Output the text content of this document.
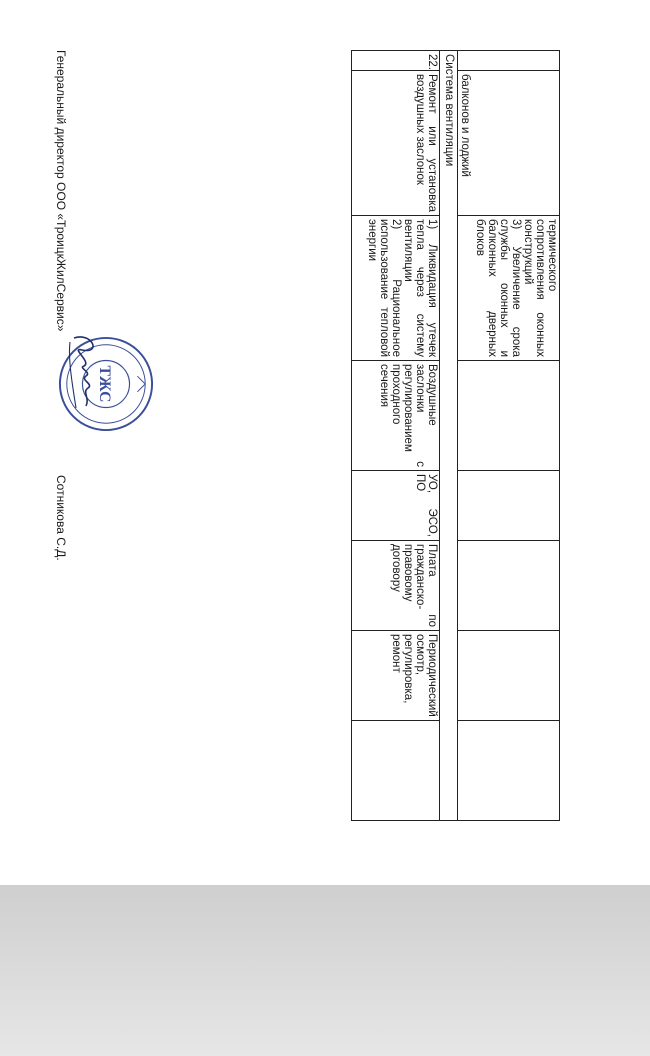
	балконов и лоджий	термического сопротивления оконных конструкций
3) Увеличение срока службы оконных и балконных дверных блоков					

Система вентиляции							
22.	Ремонт или установка воздушных заслонок	1) Ликвидация утечек тепла через систему вентиляции
2) Рациональное использование тепловой энергии	Воздушные заслонки с регулированием проходного сечения	УО, ЭСО, ПО	Плата по гражданско-правовому договору	Периодический осмотр, регулировка, ремонт	
Генеральный директор ООО «ТроицкЖилСервис»
ТЖС
Сотникова С.Д.
